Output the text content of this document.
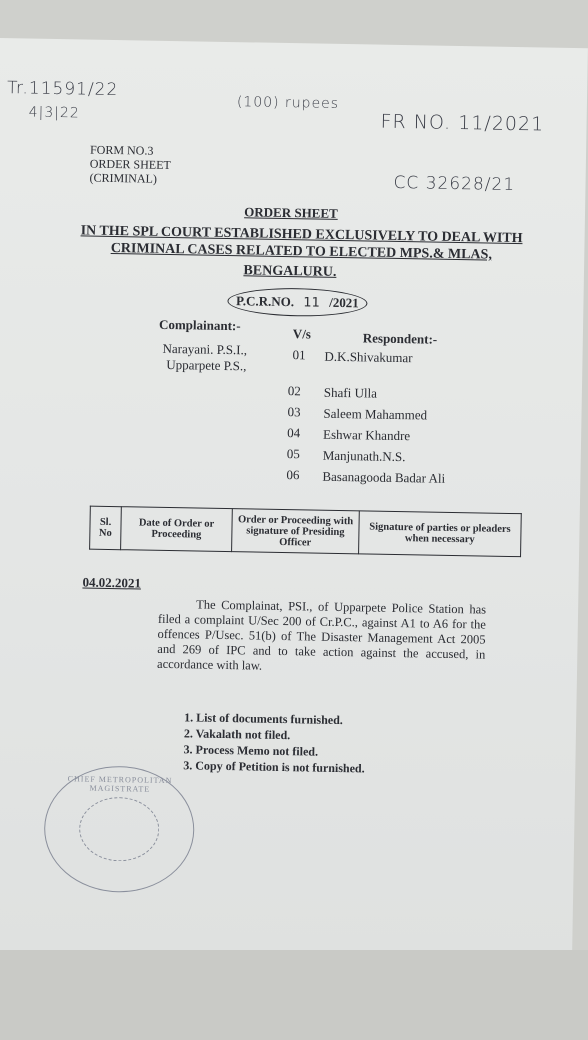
Tr.11591/22
4|3|22
(100) rupees
FR NO. 11/2021
CC 32628/21
FORM NO.3
ORDER SHEET
(CRIMINAL)
ORDER SHEET
IN THE SPL COURT ESTABLISHED EXCLUSIVELY TO DEAL WITH CRIMINAL CASES RELATED TO ELECTED MPS.& MLAS,
BENGALURU.
P.C.R.NO. 11 /2021
Complainant:-
V/s	Respondent:-
Narayani. P.S.I.,
Upparpete P.S.,
01 D.K.Shivakumar
02 Shafi Ulla
03 Saleem Mahammed
04 Eshwar Khandre
05 Manjunath.N.S.
06 Basanagooda Badar Ali
Sl. No	Date of Order or Proceeding	Order or Proceeding with signature of Presiding Officer	Signature of parties or pleaders when necessary
04.02.2021
The Complainat, PSI., of Upparpete Police Station has filed a complaint U/Sec 200 of Cr.P.C., against A1 to A6 for the offences P/Usec. 51(b) of The Disaster Management Act 2005 and 269 of IPC and to take action against the accused, in accordance with law.
1. List of documents furnished.
2. Vakalath not filed.
3. Process Memo not filed.
3. Copy of Petition is not furnished.
CHIEF METROPOLITAN MAGISTRATE
